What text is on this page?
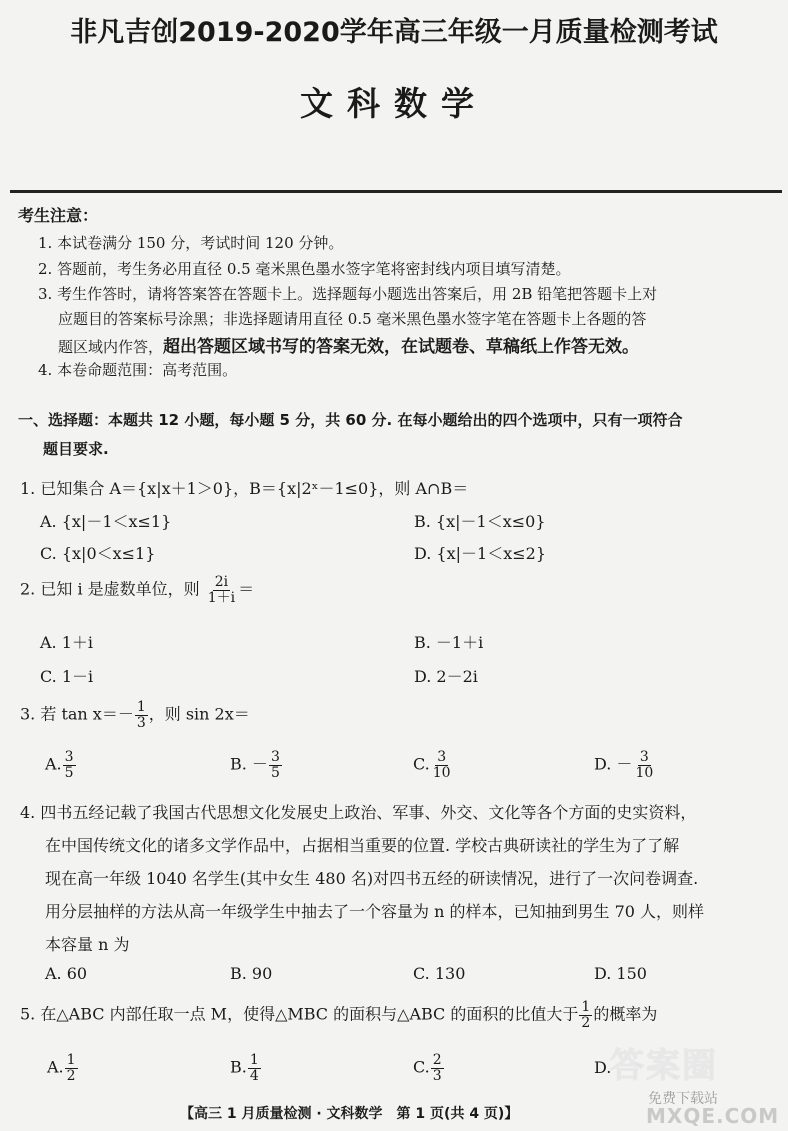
非凡吉创2019-2020学年高三年级一月质量检测考试
文科数学
考生注意：
1. 本试卷满分 150 分，考试时间 120 分钟。
2. 答题前，考生务必用直径 0.5 毫米黑色墨水签字笔将密封线内项目填写清楚。
3. 考生作答时，请将答案答在答题卡上。选择题每小题选出答案后，用 2B 铅笔把答题卡上对
应题目的答案标号涂黑；非选择题请用直径 0.5 毫米黑色墨水签字笔在答题卡上各题的答
题区域内作答，超出答题区域书写的答案无效，在试题卷、草稿纸上作答无效。
4. 本卷命题范围：高考范围。
一、选择题：本题共 12 小题，每小题 5 分，共 60 分. 在每小题给出的四个选项中，只有一项符合
题目要求.
1. 已知集合 A＝{x|x＋1＞0}，B＝{x|2ˣ－1≤0}，则 A∩B＝
A. {x|－1＜x≤1}	B. {x|－1＜x≤0}
C. {x|0＜x≤1}	D. {x|－1＜x≤2}
2. 已知 i 是虚数单位，则 $\frac{2i}{1+i}$ ＝
A. 1＋i	B. －1＋i
C. 1－i	D. 2－2i
3. 若 $\tan x=- \frac{1}{3}$ ，则 sin 2x＝
A. $\frac{3}{5}$	B. － $\frac{3}{5}$	C. $\frac{3}{10}$	D. － $\frac{3}{10}$
4. 四书五经记载了我国古代思想文化发展史上政治、军事、外交、文化等各个方面的史实资料，
在中国传统文化的诸多文学作品中，占据相当重要的位置. 学校古典研读社的学生为了了解
现在高一年级 1040 名学生(其中女生 480 名)对四书五经的研读情况，进行了一次问卷调查.
用分层抽样的方法从高一年级学生中抽去了一个容量为 n 的样本，已知抽到男生 70 人，则样
本容量 n 为
A. 60	B. 90	C. 130	D. 150
5. 在△ABC 内部任取一点 M，使得△MBC 的面积与△ABC 的面积的比值大于 $\frac{1}{2}$ 的概率为
A. $\frac{1}{2}$	B. $\frac{1}{4}$	C. $\frac{2}{3}$	D.
答案圈
免费下载站
MXQE.COM
【高三 1 月质量检测 · 文科数学　第 1 页(共 4 页)】
